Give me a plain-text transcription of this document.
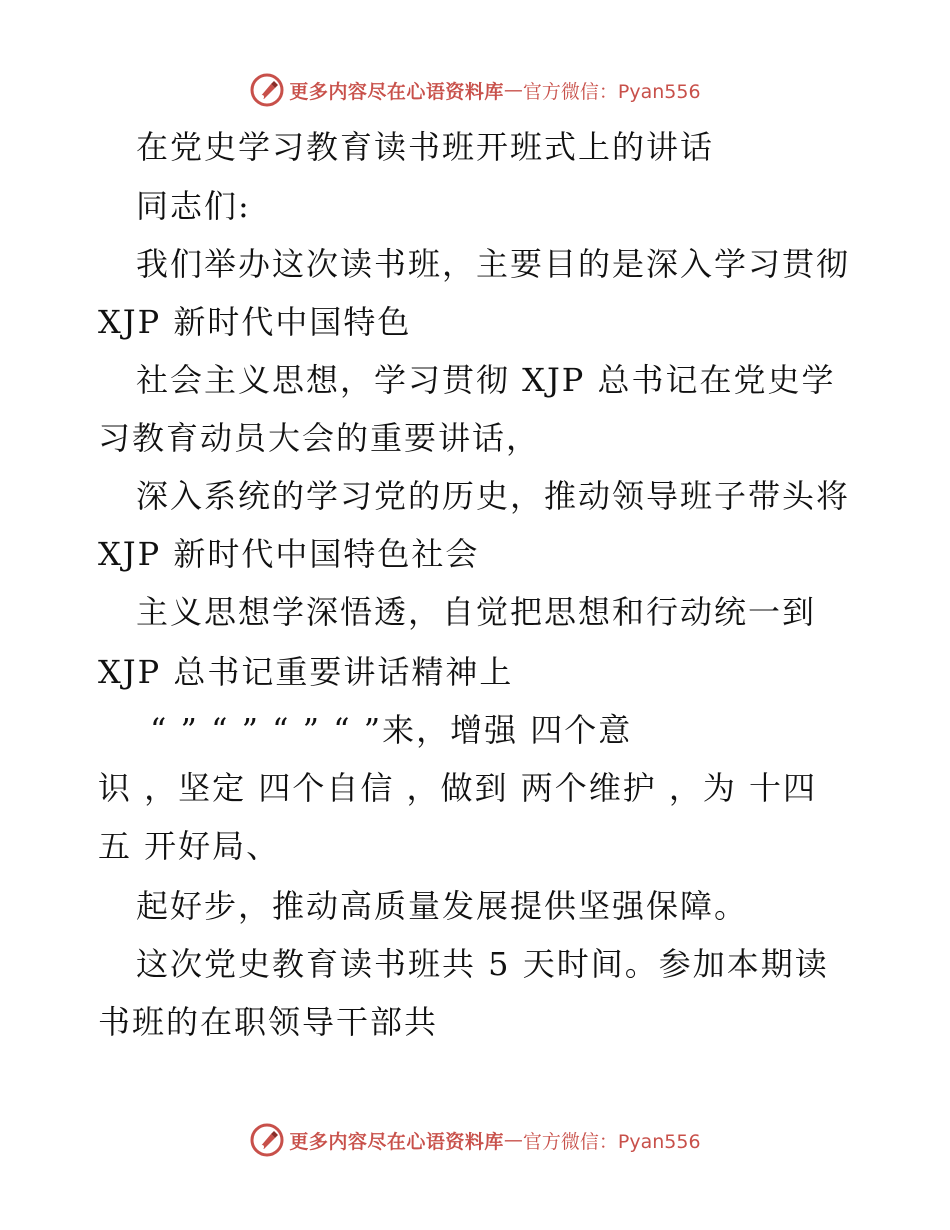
更多内容尽在心语资料库 — 官方微信：Pyan556
在党史学习教育读书班开班式上的讲话
同志们:
我们举办这次读书班，主要目的是深入学习贯彻
XJP 新时代中国特色
社会主义思想，学习贯彻 XJP 总书记在党史学
习教育动员大会的重要讲话，
深入系统的学习党的历史，推动领导班子带头将
XJP 新时代中国特色社会
主义思想学深悟透，自觉把思想和行动统一到
XJP 总书记重要讲话精神上
“ ” “ ” “ ” “ ”来，增强 四个意
识 ，坚定 四个自信 ，做到 两个维护 ，为 十四
五 开好局、
起好步，推动高质量发展提供坚强保障。
这次党史教育读书班共 5 天时间。参加本期读
书班的在职领导干部共
更多内容尽在心语资料库 — 官方微信：Pyan556
